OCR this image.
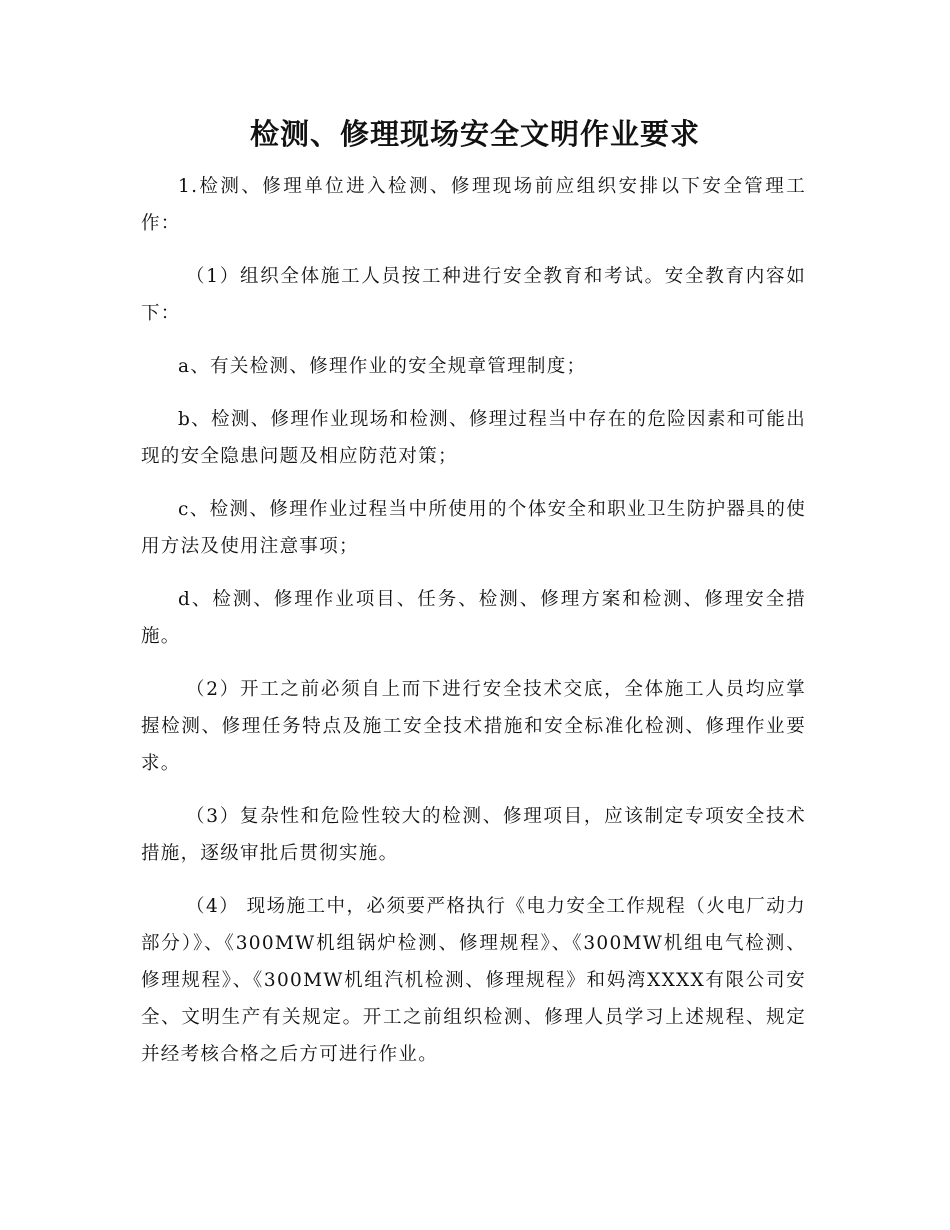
检测、修理现场安全文明作业要求

1.检测、修理单位进入检测、修理现场前应组织安排以下安全管理工作：

（1）组织全体施工人员按工种进行安全教育和考试。安全教育内容如下：

a、有关检测、修理作业的安全规章管理制度；

b、检测、修理作业现场和检测、修理过程当中存在的危险因素和可能出现的安全隐患问题及相应防范对策；

c、检测、修理作业过程当中所使用的个体安全和职业卫生防护器具的使用方法及使用注意事项；

d、检测、修理作业项目、任务、检测、修理方案和检测、修理安全措施。

（2）开工之前必须自上而下进行安全技术交底，全体施工人员均应掌握检测、修理任务特点及施工安全技术措施和安全标准化检测、修理作业要求。

（3）复杂性和危险性较大的检测、修理项目，应该制定专项安全技术措施，逐级审批后贯彻实施。

（4） 现场施工中，必须要严格执行《电力安全工作规程（火电厂动力部分）》、《300MW机组锅炉检测、修理规程》、《300MW机组电气检测、修理规程》、《300MW机组汽机检测、修理规程》和妈湾XXXX有限公司安全、文明生产有关规定。开工之前组织检测、修理人员学习上述规程、规定并经考核合格之后方可进行作业。
